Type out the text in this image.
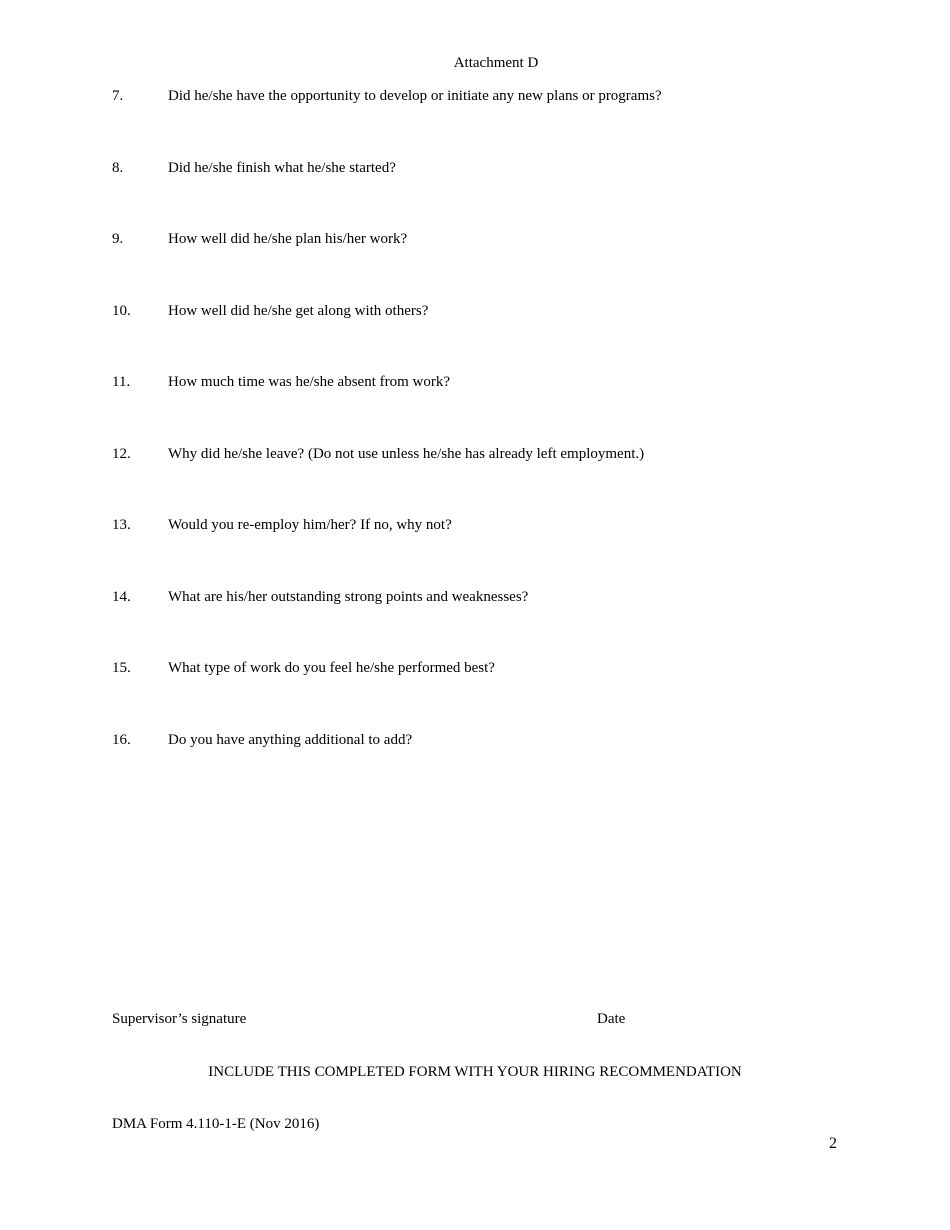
Attachment D
7.	Did he/she have the opportunity to develop or initiate any new plans or programs?
8.	Did he/she finish what he/she started?
9.	How well did he/she plan his/her work?
10.	How well did he/she get along with others?
11.	How much time was he/she absent from work?
12.	Why did he/she leave? (Do not use unless he/she has already left employment.)
13.	Would you re-employ him/her? If no, why not?
14.	What are his/her outstanding strong points and weaknesses?
15.	What type of work do you feel he/she performed best?
16.	Do you have anything additional to add?
Supervisor’s signature	Date
INCLUDE THIS COMPLETED FORM WITH YOUR HIRING RECOMMENDATION
DMA Form 4.110-1-E (Nov 2016)
2
